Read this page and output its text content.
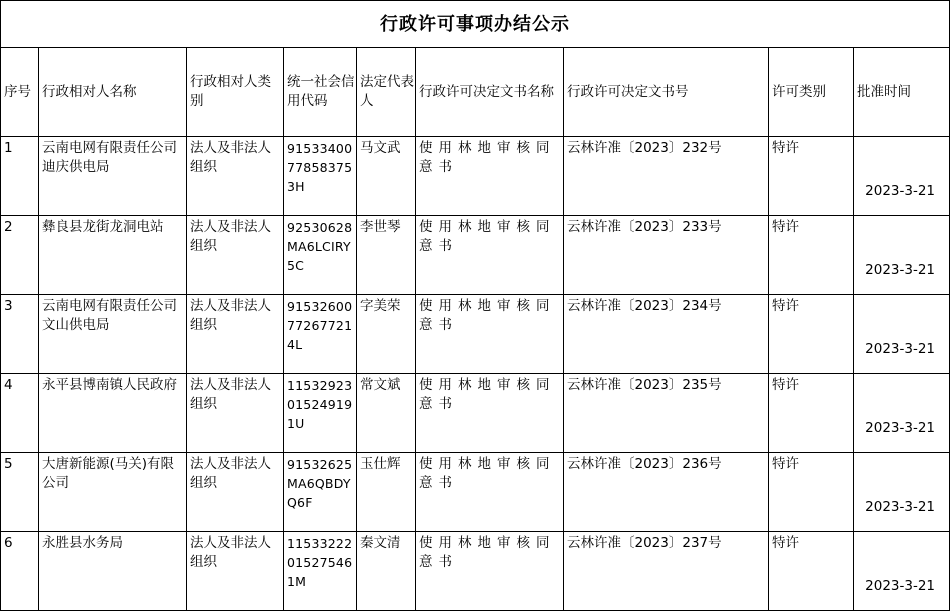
行政许可事项办结公示								
序号	行政相对人名称	行政相对人类别	统一社会信用代码	法定代表人	行政许可决定文书名称	行政许可决定文书号	许可类别	批准时间
1	云南电网有限责任公司迪庆供电局	法人及非法人组织	915334007785837​53H	马文武	使用林地审核同意书	云林许准〔2023〕232号	特许	2023-3-21
2	彝良县龙街龙洞电站	法人及非法人组织	92530628MA6LCIRY5C	李世琴	使用林地审核同意书	云林许准〔2023〕233号	特许	2023-3-21
3	云南电网有限责任公司文山供电局	法人及非法人组织	915326007726772​14L	字美荣	使用林地审核同意书	云林许准〔2023〕234号	特许	2023-3-21
4	永平县博南镇人民政府	法人及非法人组织	115329230152491​91U	常文斌	使用林地审核同意书	云林许准〔2023〕235号	特许	2023-3-21
5	大唐新能源(马关)有限公司	法人及非法人组织	91532625MA6QBDYQ6F	玉仕辉	使用林地审核同意书	云林许准〔2023〕236号	特许	2023-3-21
6	永胜县水务局	法人及非法人组织	115332220152754​61M	秦文清	使用林地审核同意书	云林许准〔2023〕237号	特许	2023-3-21
